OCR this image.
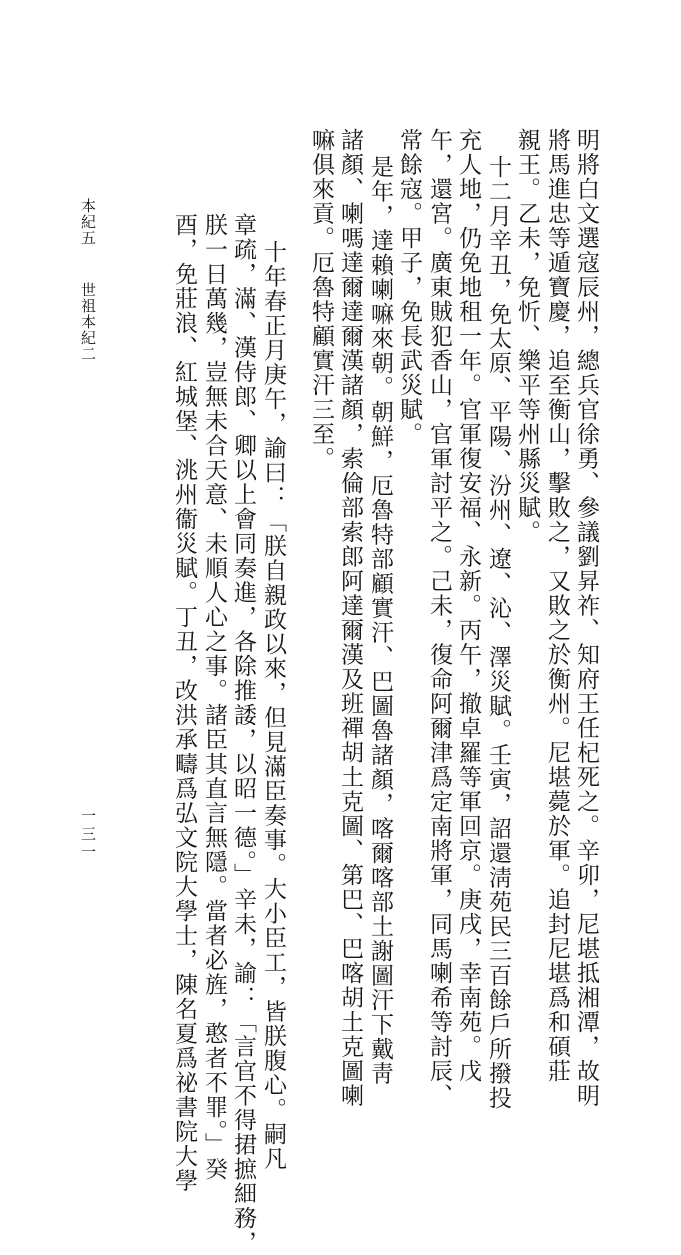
明將白文選寇辰州，總兵官徐勇、參議劉昇祚、知府王任杞死之。辛卯，尼堪抵湘潭，故明
將馬進忠等遁寶慶，追至衡山，擊敗之，又敗之於衡州。尼堪薨於軍。追封尼堪爲和碩莊
親王。乙未，免忻、樂平等州縣災賦。
十二月辛丑，免太原、平陽、汾州、遼、沁、澤災賦。壬寅，詔還淸苑民三百餘戶所撥投
充人地，仍免地租一年。官軍復安福、永新。丙午，撤卓羅等軍回京。庚戌，幸南苑。戊
午，還宮。廣東賊犯香山，官軍討平之。己未，復命阿爾津爲定南將軍，同馬喇希等討辰、
常餘寇。甲子，免長武災賦。
是年，達賴喇嘛來朝。朝鮮，厄魯特部顧實汗、巴圖魯諸顏，喀爾喀部土謝圖汗下戴靑
諸顏、喇嗎達爾達爾漢諸顏，索倫部索郎阿達爾漢及班禪胡土克圖、第巴、巴喀胡土克圖喇
嘛俱來貢。厄魯特顧實汗三至。
十年春正月庚午，諭曰：「朕自親政以來，但見滿臣奏事。大小臣工，皆朕腹心。嗣凡
章疏，滿、漢侍郎、卿以上會同奏進，各除推諉，以昭一德。」辛未，諭：「言官不得捃摭細務，
朕一日萬幾，豈無未合天意、未順人心之事。諸臣其直言無隱。當者必旌，憨者不罪。」癸
酉，免莊浪、紅城堡、洮州衞災賦。丁丑，改洪承疇爲弘文院大學士，陳名夏爲祕書院大學
本紀五
世祖本紀二
一三一
